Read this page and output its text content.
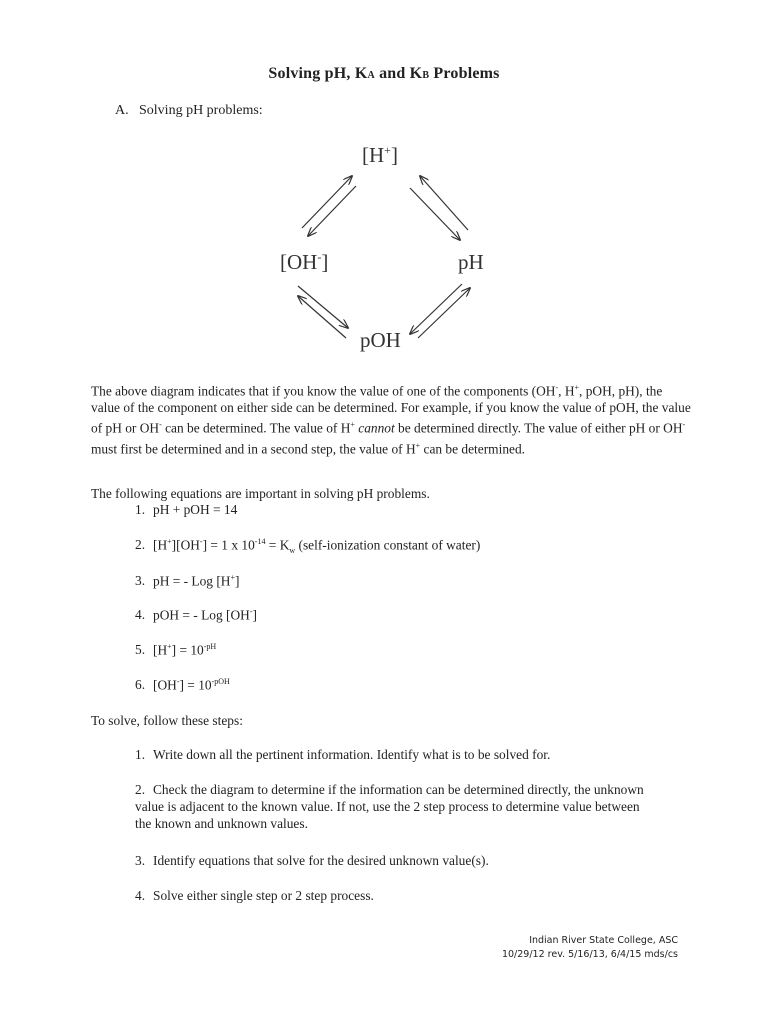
Solving pH, KA and KB Problems
A. Solving pH problems:
[H+]
[OH-]	pH
pOH
The above diagram indicates that if you know the value of one of the components (OH-, H+, pOH, pH), the value of the component on either side can be determined. For example, if you know the value of pOH, the value of pH or OH- can be determined. The value of H+ cannot be determined directly. The value of either pH or OH- must first be determined and in a second step, the value of H+ can be determined.
The following equations are important in solving pH problems.
1. pH + pOH = 14
2. [H+][OH-] = 1 x $10^{-14} = K_w$ (self-ionization constant of water)
3. pH = - Log [H+]
4. pOH = - Log [OH-]
5. $[H^+] = 10^{-pH}$
6. $[OH^-] = 10^{-pOH}$
To solve, follow these steps:
1. Write down all the pertinent information. Identify what is to be solved for.
2. Check the diagram to determine if the information can be determined directly, the unknown value is adjacent to the known value. If not, use the 2 step process to determine value between the known and unknown values.
3. Identify equations that solve for the desired unknown value(s).
4. Solve either single step or 2 step process.
Indian River State College, ASC
10/29/12 rev. 5/16/13, 6/4/15 mds/cs
